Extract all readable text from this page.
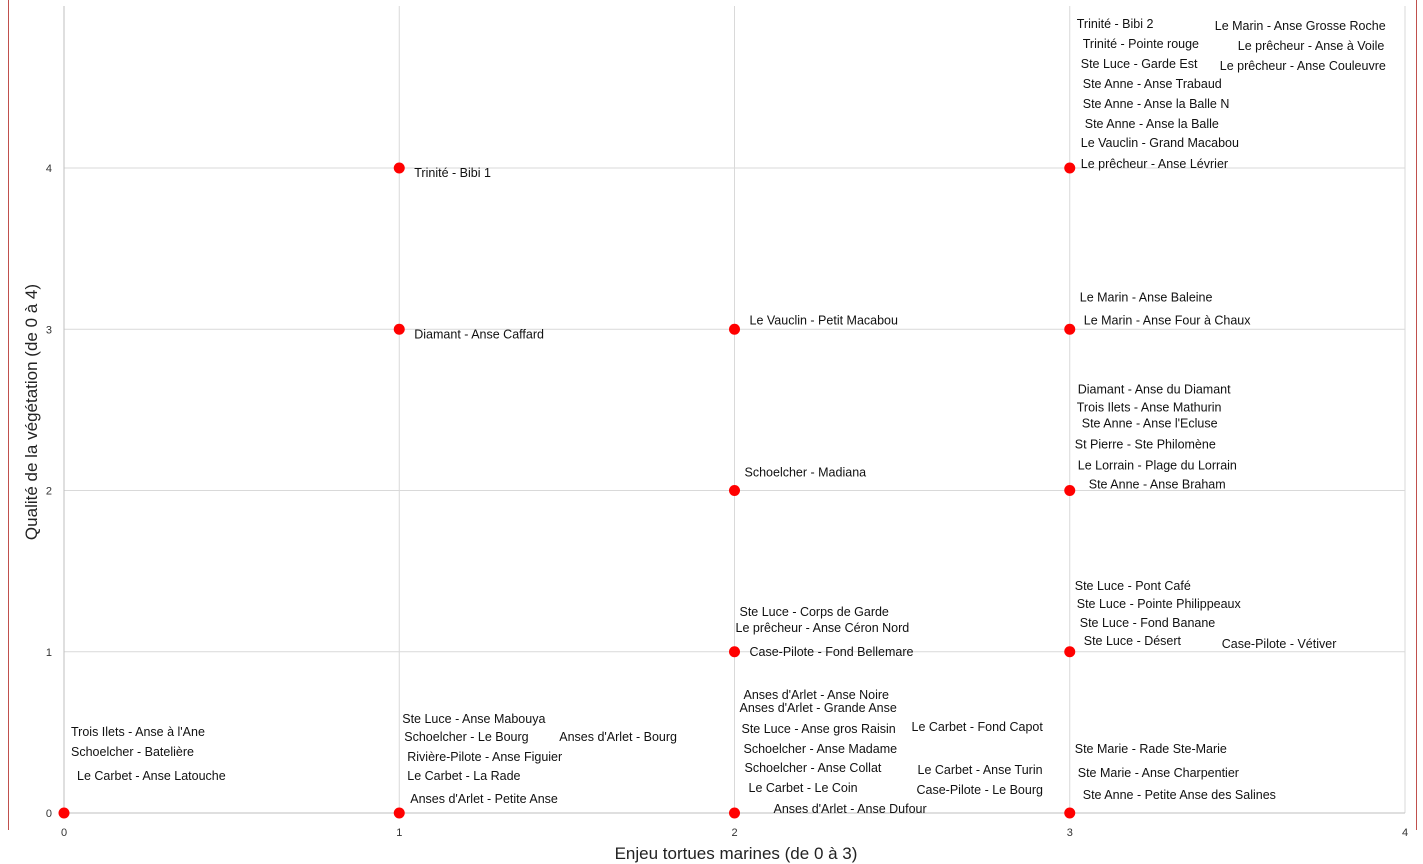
0	1	2	3	4
0
1
2
3
4
Trois Ilets - Anse à l'Ane
Schoelcher - Batelière
Le Carbet - Anse Latouche
Ste Luce - Anse Mabouya
Schoelcher - Le Bourg Anses d'Arlet - Bourg
Rivière-Pilote - Anse Figuier
Le Carbet - La Rade
Anses d'Arlet - Petite Anse
Diamant - Anse Caffard
Trinité - Bibi 1
Anses d'Arlet - Anse Noire
Anses d'Arlet - Grande Anse
Ste Luce - Anse gros Raisin Le Carbet - Fond Capot
Schoelcher - Anse Madame
Schoelcher - Anse Collat	Le Carbet - Anse Turin
Le Carbet - Le Coin	Case-Pilote - Le Bourg
Anses d'Arlet - Anse Dufour
Ste Luce - Corps de Garde
Le prêcheur - Anse Céron Nord
Case-Pilote - Fond Bellemare
Schoelcher - Madiana
Le Vauclin - Petit Macabou
Ste Marie - Rade Ste-Marie
Ste Marie - Anse Charpentier
Ste Anne - Petite Anse des Salines
Ste Luce - Pont Café
Ste Luce - Pointe Philippeaux
Ste Luce - Fond Banane
Ste Luce - Désert	Case-Pilote - Vétiver
Diamant - Anse du Diamant
Trois Ilets - Anse Mathurin
Ste Anne - Anse l'Ecluse
St Pierre - Ste Philomène
Le Lorrain - Plage du Lorrain
Ste Anne - Anse Braham
Le Marin - Anse Baleine
Le Marin - Anse Four à Chaux
Trinité - Bibi 2	Le Marin - Anse Grosse Roche
Trinité - Pointe rouge	Le prêcheur - Anse à Voile
Ste Luce - Garde Est Le prêcheur - Anse Couleuvre
Ste Anne - Anse Trabaud
Ste Anne - Anse la Balle N
Ste Anne - Anse la Balle
Le Vauclin - Grand Macabou
Le prêcheur - Anse Lévrier
Enjeu tortues marines (de 0 à 3)
Qualité de la végétation (de 0 à 4)
